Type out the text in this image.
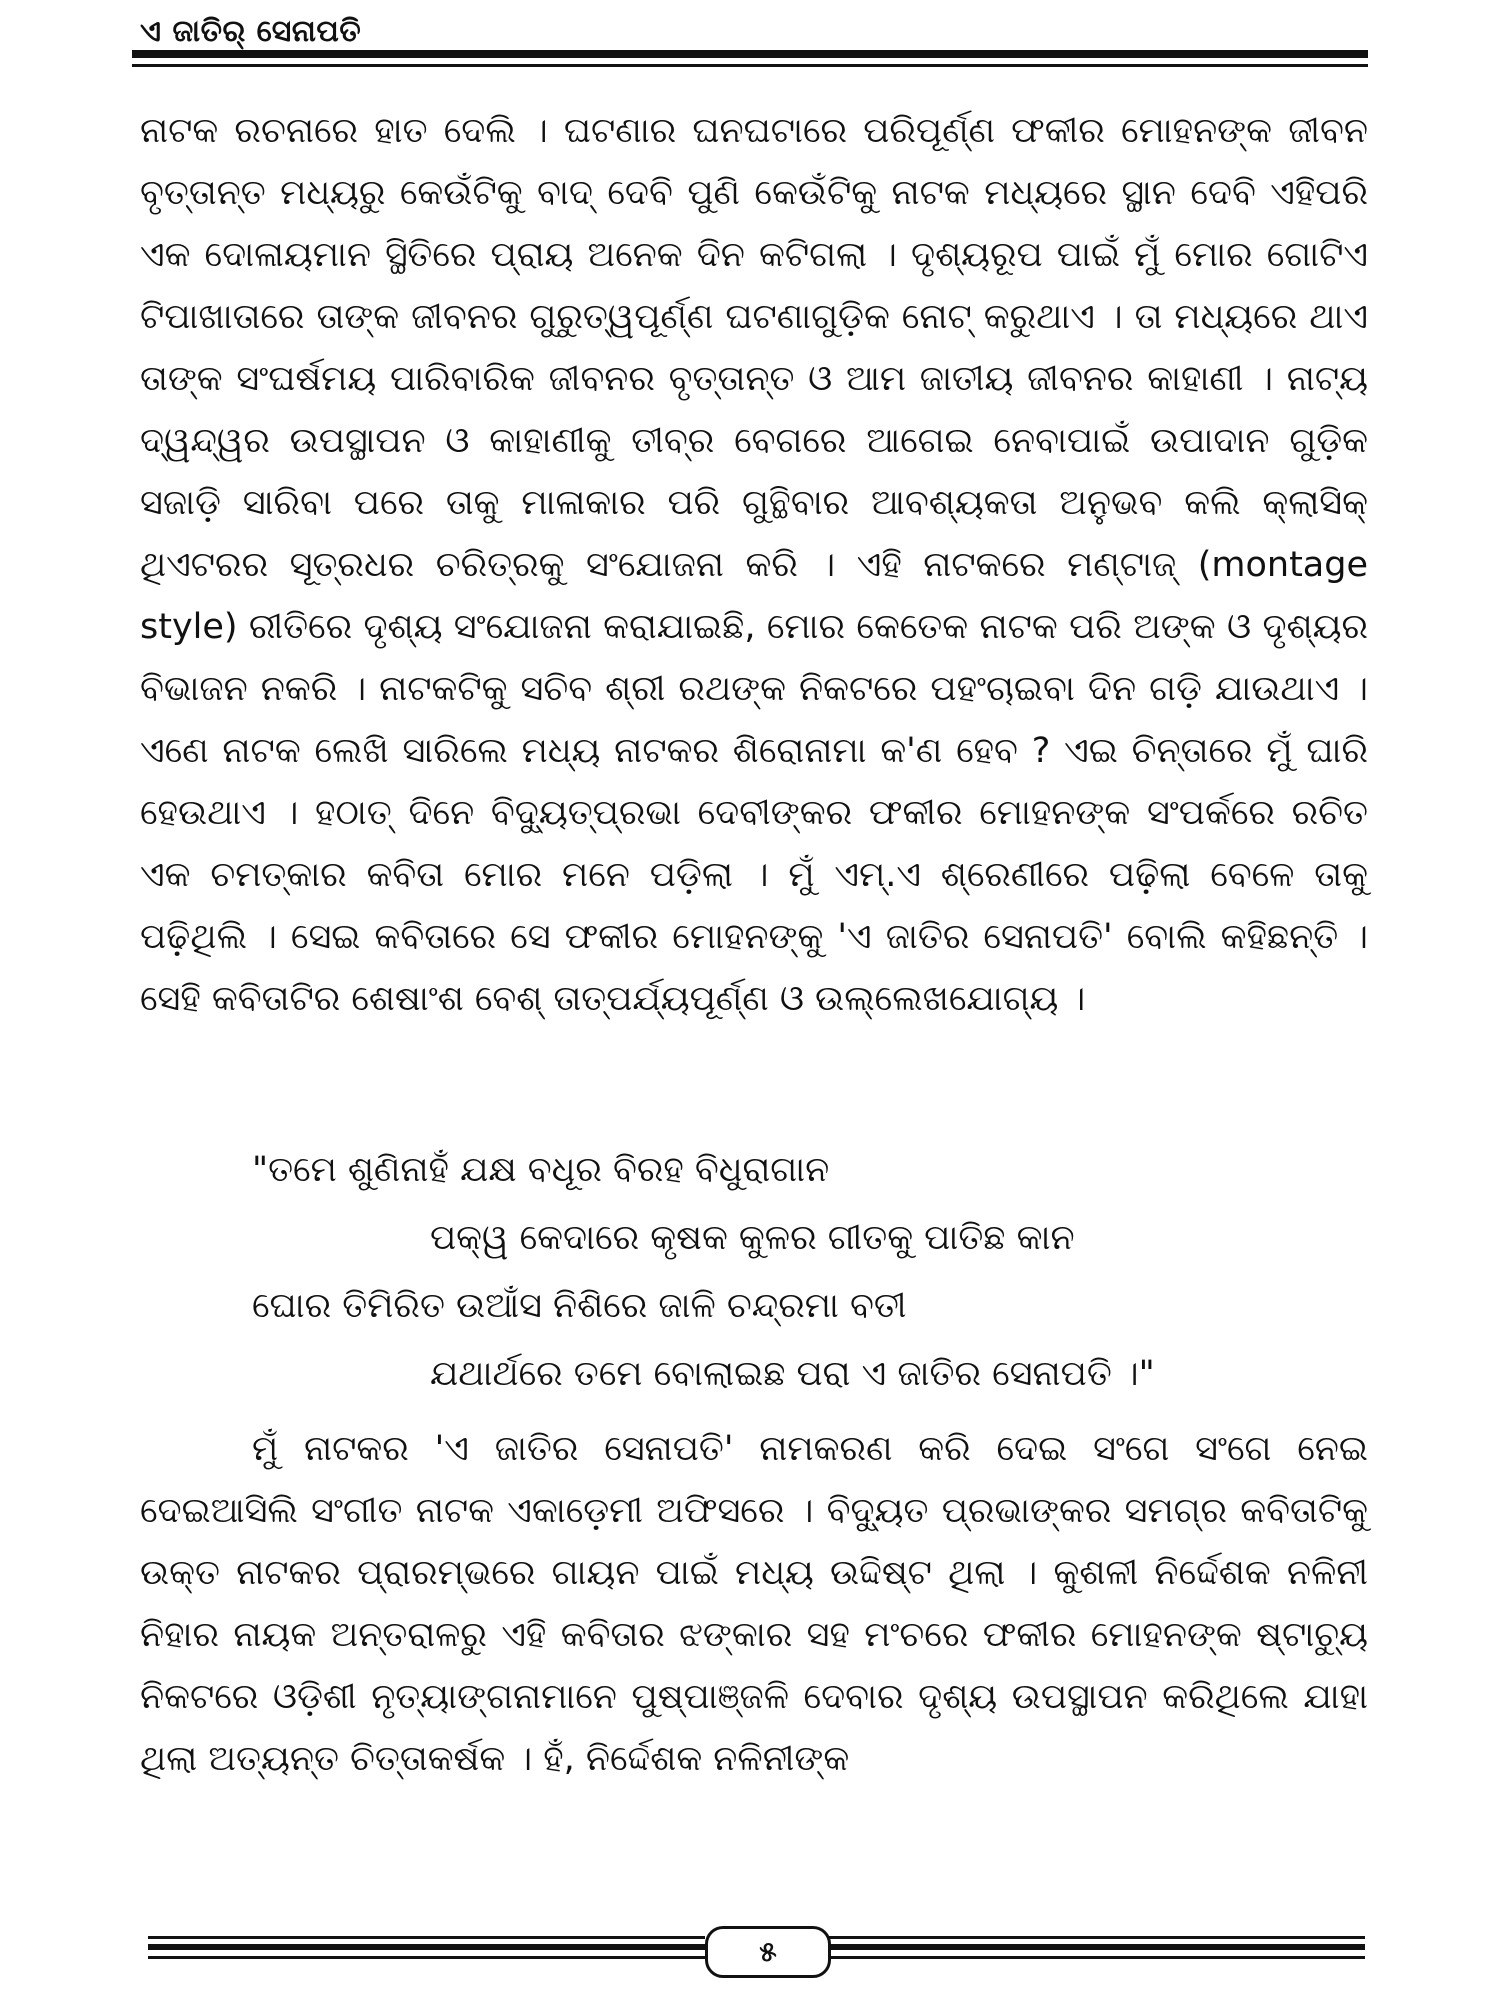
ଏ ଜାତିର୍ ସେନାପତି

ନାଟକ ରଚନାରେ ହାତ ଦେଲି । ଘଟଣାର ଘନଘଟାରେ ପରିପୂର୍ଣ୍ଣ ଫକୀର ମୋହନଙ୍କ ଜୀବନ ବୃତ୍ତାନ୍ତ ମଧ୍ୟରୁ କେଉଁଟିକୁ ବାଦ୍ ଦେବି ପୁଣି କେଉଁଟିକୁ ନାଟକ ମଧ୍ୟରେ ସ୍ଥାନ ଦେବି ଏହିପରି ଏକ ଦୋଳାୟମାନ ସ୍ଥିତିରେ ପ୍ରାୟ ଅନେକ ଦିନ କଟିଗଲା । ଦୃଶ୍ୟରୂପ ପାଇଁ ମୁଁ ମୋର ଗୋଟିଏ ଟିପାଖାତାରେ ତାଙ୍କ ଜୀବନର ଗୁରୁତ୍ୱପୂର୍ଣ୍ଣ ଘଟଣାଗୁଡ଼ିକ ନୋଟ୍ କରୁଥାଏ । ତା ମଧ୍ୟରେ ଥାଏ ତାଙ୍କ ସଂଘର୍ଷମୟ ପାରିବାରିକ ଜୀବନର ବୃତ୍ତାନ୍ତ ଓ ଆମ ଜାତୀୟ ଜୀବନର କାହାଣୀ । ନାଟ୍ୟ ଦ୍ୱନ୍ଦ୍ୱର ଉପସ୍ଥାପନ ଓ କାହାଣୀକୁ ତୀବ୍ର ବେଗରେ ଆଗେଇ ନେବାପାଇଁ ଉପାଦାନ ଗୁଡ଼ିକ ସଜାଡ଼ି ସାରିବା ପରେ ତାକୁ ମାଳାକାର ପରି ଗୁନ୍ଥିବାର ଆବଶ୍ୟକତା ଅନୁଭବ କଲି କ୍ଲାସିକ୍ ଥିଏଟରର ସୂତ୍ରଧର ଚରିତ୍ରକୁ ସଂଯୋଜନା କରି । ଏହି ନାଟକରେ ମଣ୍ଟାଜ୍ (montage style) ରୀତିରେ ଦୃଶ୍ୟ ସଂଯୋଜନା କରାଯାଇଛି, ମୋର କେତେକ ନାଟକ ପରି ଅଙ୍କ ଓ ଦୃଶ୍ୟର ବିଭାଜନ ନକରି । ନାଟକଟିକୁ ସଚିବ ଶ୍ରୀ ରଥଙ୍କ ନିକଟରେ ପହଂଚାଇବା ଦିନ ଗଡ଼ି ଯାଉଥାଏ । ଏଣେ ନାଟକ ଲେଖି ସାରିଲେ ମଧ୍ୟ ନାଟକର ଶିରୋନାମା କ'ଣ ହେବ ? ଏଇ ଚିନ୍ତାରେ ମୁଁ ଘାରି ହେଉଥାଏ । ହଠାତ୍ ଦିନେ ବିଦ୍ୟୁତ୍‌ପ୍ରଭା ଦେବୀଙ୍କର ଫକୀର ମୋହନଙ୍କ ସଂପର୍କରେ ରଚିତ ଏକ ଚମତ୍କାର କବିତା ମୋର ମନେ ପଡ଼ିଲା । ମୁଁ ଏମ୍.ଏ ଶ୍ରେଣୀରେ ପଢ଼ିଲା ବେଳେ ତାକୁ ପଢ଼ିଥିଲି । ସେଇ କବିତାରେ ସେ ଫକୀର ମୋହନଙ୍କୁ 'ଏ ଜାତିର ସେନାପତି' ବୋଲି କହିଛନ୍ତି । ସେହି କବିତାଟିର ଶେଷାଂଶ ବେଶ୍ ତାତ୍ପର୍ଯ୍ୟପୂର୍ଣ୍ଣ ଓ ଉଲ୍ଲେଖଯୋଗ୍ୟ ।

"ତମେ ଶୁଣିନାହଁ ଯକ୍ଷ ବଧୂର ବିରହ ବିଧୁରାଗାନ
ପକ୍ୱ କେଦାରେ କୃଷକ କୁଳର ଗୀତକୁ ପାତିଛ କାନ
ଘୋର ତିମିରିତ ଉଆଁସ ନିଶିରେ ଜାଳି ଚନ୍ଦ୍ରମା ବତୀ
ଯଥାର୍ଥରେ ତମେ ବୋଲାଇଛ ପରା ଏ ଜାତିର ସେନାପତି ।"

ମୁଁ ନାଟକର 'ଏ ଜାତିର ସେନାପତି' ନାମକରଣ କରି ଦେଇ ସଂଗେ ସଂଗେ ନେଇ ଦେଇଆସିଲି ସଂଗୀତ ନାଟକ ଏକାଡ଼େମୀ ଅଫିସରେ । ବିଦ୍ୟୁତ ପ୍ରଭାଙ୍କର ସମଗ୍ର କବିତାଟିକୁ ଉକ୍ତ ନାଟକର ପ୍ରାରମ୍ଭରେ ଗାୟନ ପାଇଁ ମଧ୍ୟ ଉଦ୍ଦିଷ୍ଟ ଥିଲା । କୁଶଳୀ ନିର୍ଦ୍ଦେଶକ ନଳିନୀ ନିହାର ନାୟକ ଅନ୍ତରାଳରୁ ଏହି କବିତାର ଝଙ୍କାର ସହ ମଂଚରେ ଫକୀର ମୋହନଙ୍କ ଷ୍ଟାଚ୍ୟୁ ନିକଟରେ ଓଡ଼ିଶୀ ନୃତ୍ୟାଙ୍ଗନାମାନେ ପୁଷ୍ପାଞ୍ଜଳି ଦେବାର ଦୃଶ୍ୟ ଉପସ୍ଥାପନ କରିଥିଲେ ଯାହା ଥିଲା ଅତ୍ୟନ୍ତ ଚିତ୍ତାକର୍ଷକ । ହଁ, ନିର୍ଦ୍ଦେଶକ ନଳିନୀଙ୍କ

୫
